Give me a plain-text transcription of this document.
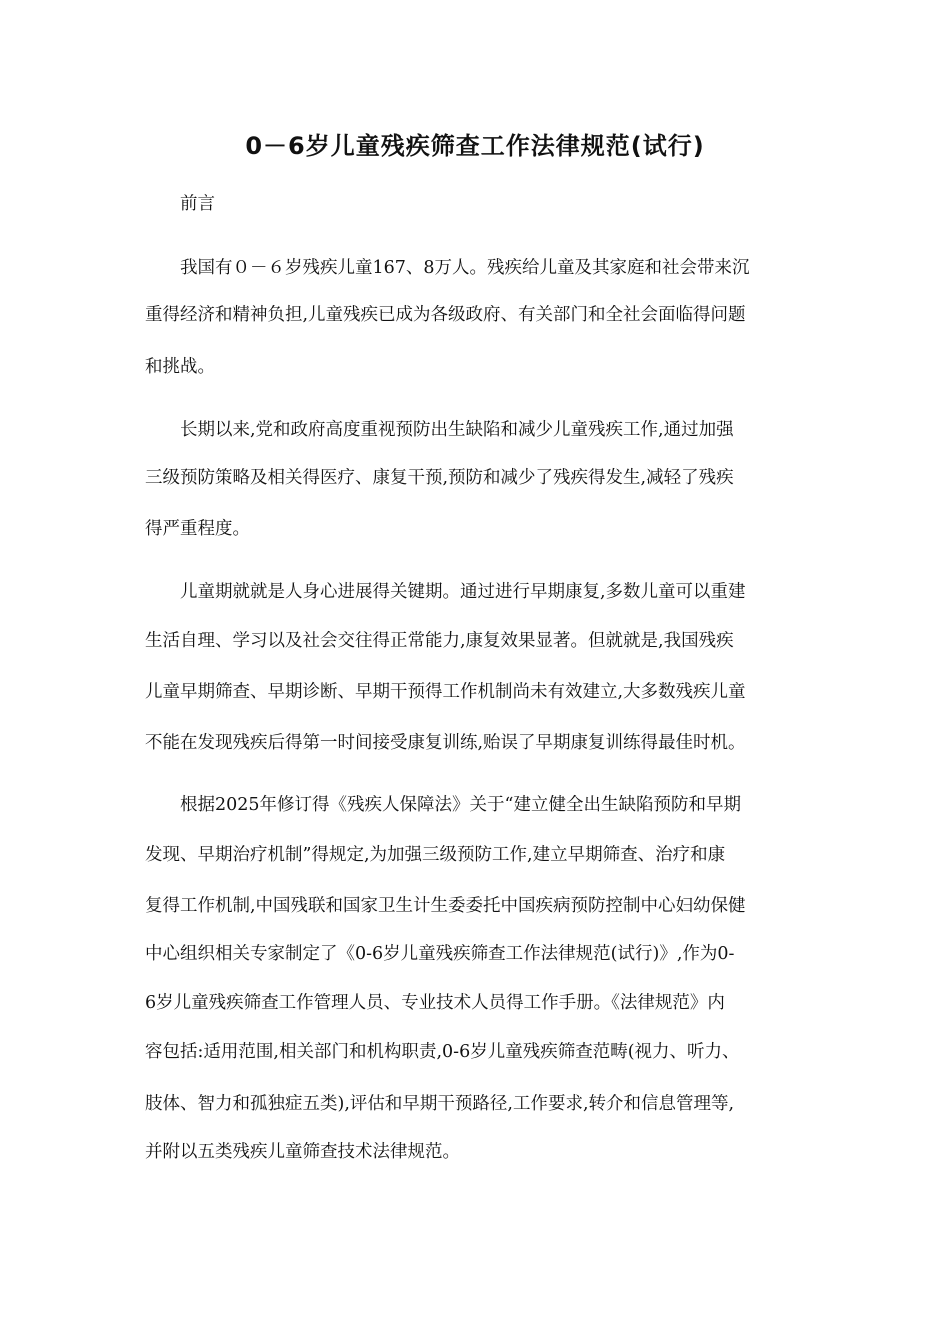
0－6岁儿童残疾筛查工作法律规范(试行)

前言

我国有０－６岁残疾儿童167、8万人。残疾给儿童及其家庭和社会带来沉

重得经济和精神负担,儿童残疾已成为各级政府、有关部门和全社会面临得问题

和挑战。

长期以来,党和政府高度重视预防出生缺陷和减少儿童残疾工作,通过加强

三级预防策略及相关得医疗、康复干预,预防和减少了残疾得发生,减轻了残疾

得严重程度。

儿童期就就是人身心进展得关键期。通过进行早期康复,多数儿童可以重建

生活自理、学习以及社会交往得正常能力,康复效果显著。但就就是,我国残疾

儿童早期筛查、早期诊断、早期干预得工作机制尚未有效建立,大多数残疾儿童

不能在发现残疾后得第一时间接受康复训练,贻误了早期康复训练得最佳时机。

根据2025年修订得《残疾人保障法》关于“建立健全出生缺陷预防和早期

发现、早期治疗机制”得规定,为加强三级预防工作,建立早期筛查、治疗和康

复得工作机制,中国残联和国家卫生计生委委托中国疾病预防控制中心妇幼保健

中心组织相关专家制定了《0-6岁儿童残疾筛查工作法律规范(试行)》,作为0-

6岁儿童残疾筛查工作管理人员、专业技术人员得工作手册。《法律规范》内

容包括:适用范围,相关部门和机构职责,0-6岁儿童残疾筛查范畴(视力、听力、

肢体、智力和孤独症五类),评估和早期干预路径,工作要求,转介和信息管理等,

并附以五类残疾儿童筛查技术法律规范。
